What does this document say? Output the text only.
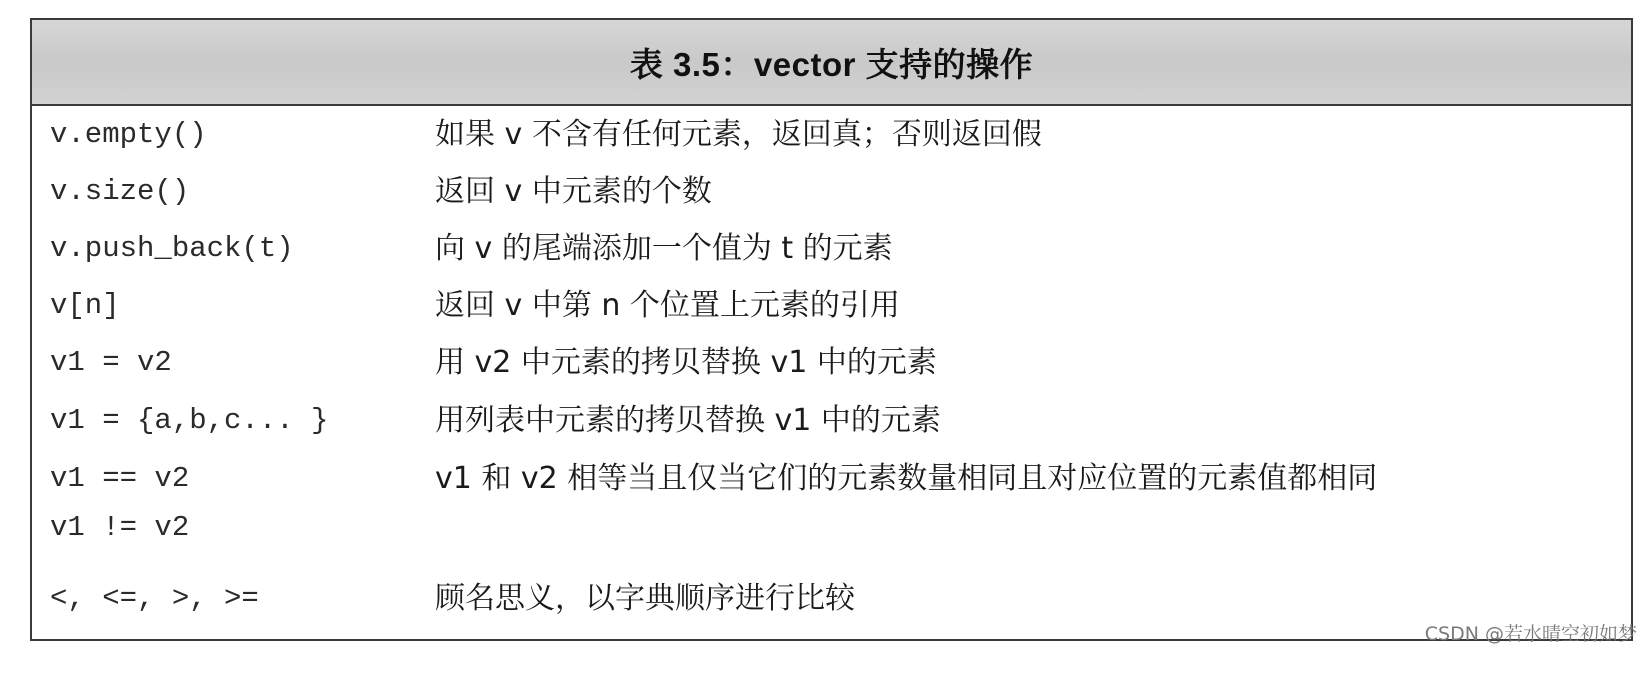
表 3.5：vector 支持的操作
v.empty()	如果 v 不含有任何元素，返回真；否则返回假
v.size()	返回 v 中元素的个数
v.push_back(t)	向 v 的尾端添加一个值为 t 的元素
v[n]	返回 v 中第 n 个位置上元素的引用
v1 = v2	用 v2 中元素的拷贝替换 v1 中的元素
v1 = {a,b,c... }	用列表中元素的拷贝替换 v1 中的元素
v1 == v2	v1 和 v2 相等当且仅当它们的元素数量相同且对应位置的元素值都相同
v1 != v2
<, <=, >, >=	顾名思义，以字典顺序进行比较
CSDN @若水晴空初如梦
